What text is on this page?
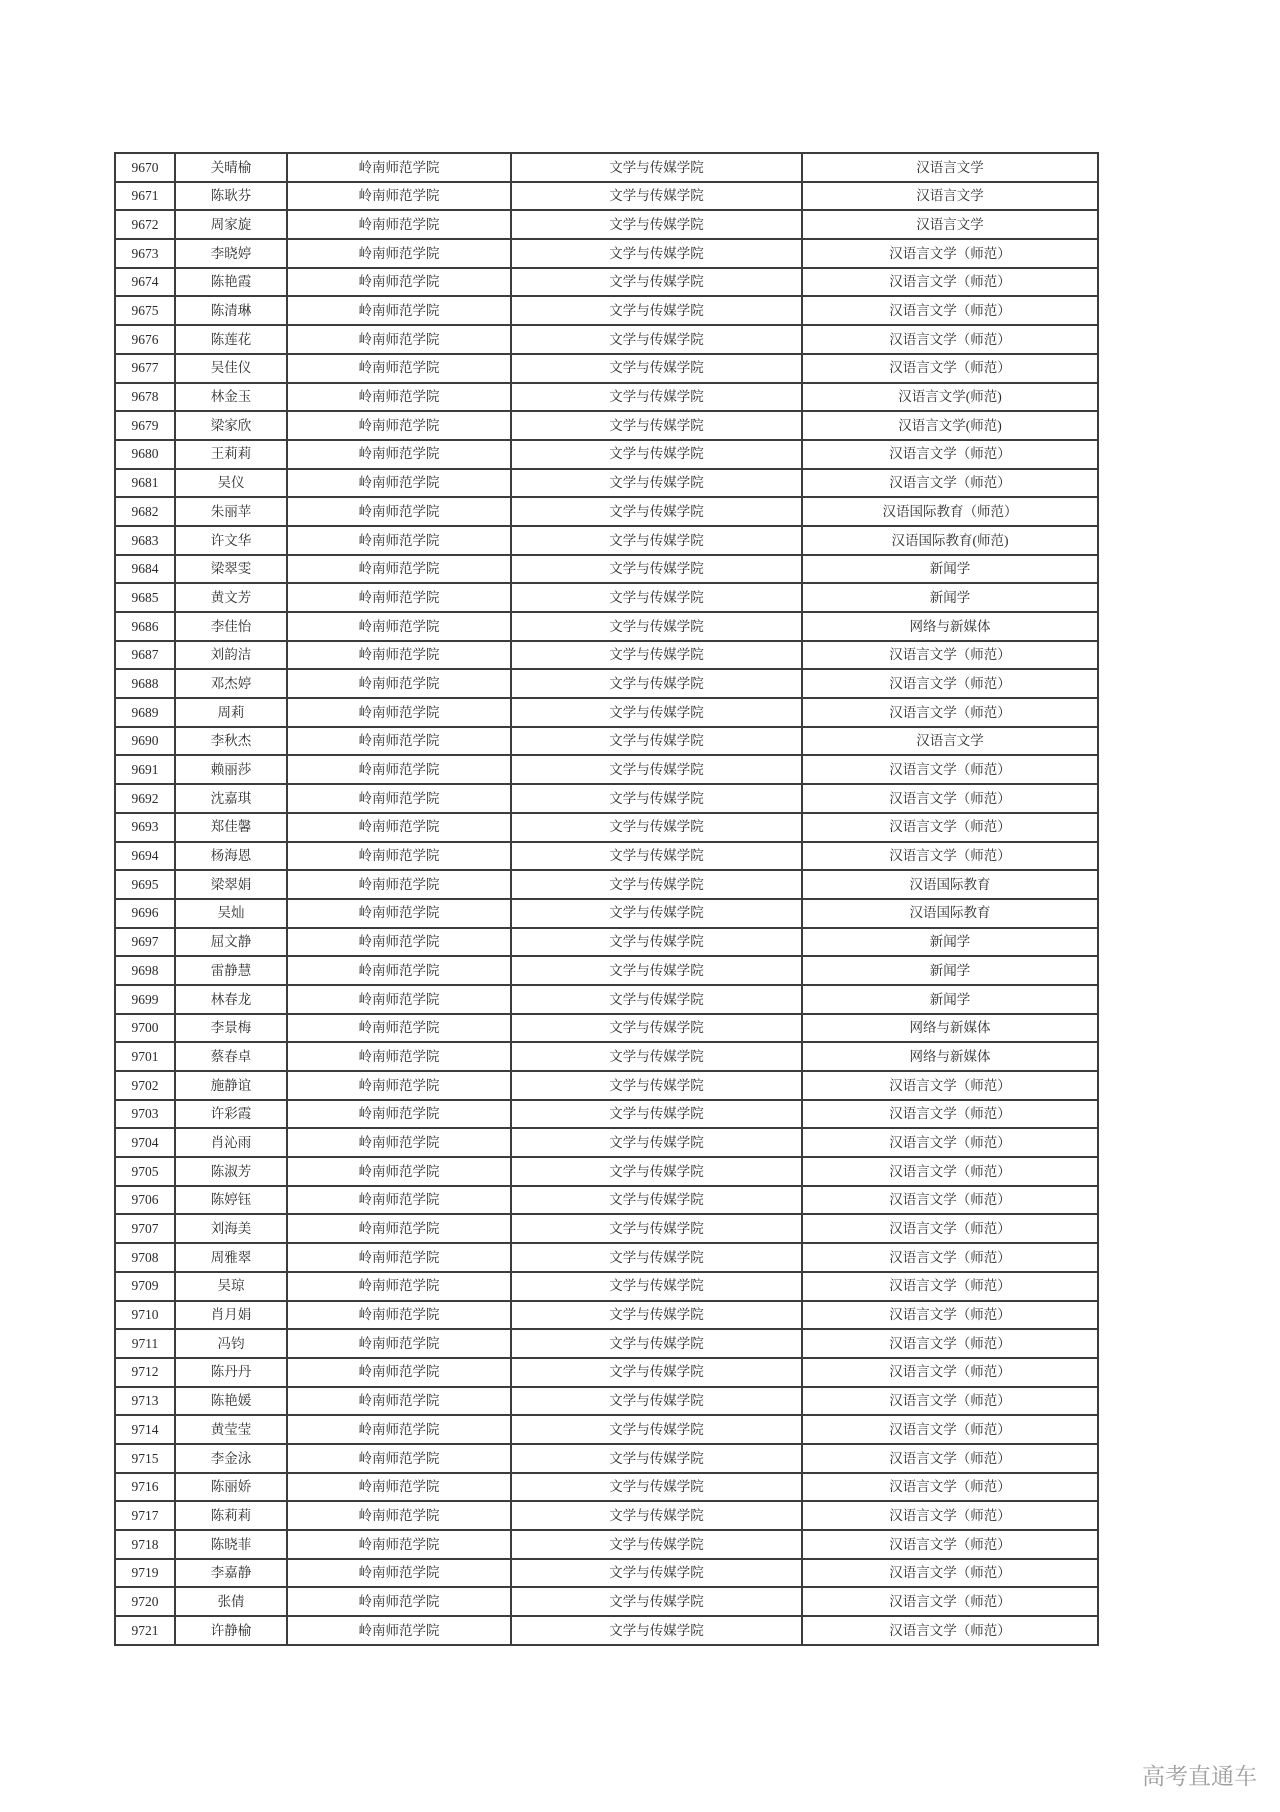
9670	关晴榆	岭南师范学院	文学与传媒学院	汉语言文学
9671	陈耿芬	岭南师范学院	文学与传媒学院	汉语言文学
9672	周家旋	岭南师范学院	文学与传媒学院	汉语言文学
9673	李晓婷	岭南师范学院	文学与传媒学院	汉语言文学（师范）
9674	陈艳霞	岭南师范学院	文学与传媒学院	汉语言文学（师范）
9675	陈清琳	岭南师范学院	文学与传媒学院	汉语言文学（师范）
9676	陈莲花	岭南师范学院	文学与传媒学院	汉语言文学（师范）
9677	吴佳仪	岭南师范学院	文学与传媒学院	汉语言文学（师范）
9678	林金玉	岭南师范学院	文学与传媒学院	汉语言文学(师范)
9679	梁家欣	岭南师范学院	文学与传媒学院	汉语言文学(师范)
9680	王莉莉	岭南师范学院	文学与传媒学院	汉语言文学（师范）
9681	吴仪	岭南师范学院	文学与传媒学院	汉语言文学（师范）
9682	朱丽苹	岭南师范学院	文学与传媒学院	汉语国际教育（师范）
9683	许文华	岭南师范学院	文学与传媒学院	汉语国际教育(师范)
9684	梁翠雯	岭南师范学院	文学与传媒学院	新闻学
9685	黄文芳	岭南师范学院	文学与传媒学院	新闻学
9686	李佳怡	岭南师范学院	文学与传媒学院	网络与新媒体
9687	刘韵洁	岭南师范学院	文学与传媒学院	汉语言文学（师范）
9688	邓杰婷	岭南师范学院	文学与传媒学院	汉语言文学（师范）
9689	周莉	岭南师范学院	文学与传媒学院	汉语言文学（师范）
9690	李秋杰	岭南师范学院	文学与传媒学院	汉语言文学
9691	赖丽莎	岭南师范学院	文学与传媒学院	汉语言文学（师范）
9692	沈嘉琪	岭南师范学院	文学与传媒学院	汉语言文学（师范）
9693	郑佳馨	岭南师范学院	文学与传媒学院	汉语言文学（师范）
9694	杨海恩	岭南师范学院	文学与传媒学院	汉语言文学（师范）
9695	梁翠娟	岭南师范学院	文学与传媒学院	汉语国际教育
9696	吴灿	岭南师范学院	文学与传媒学院	汉语国际教育
9697	屈文静	岭南师范学院	文学与传媒学院	新闻学
9698	雷静慧	岭南师范学院	文学与传媒学院	新闻学
9699	林春龙	岭南师范学院	文学与传媒学院	新闻学
9700	李景梅	岭南师范学院	文学与传媒学院	网络与新媒体
9701	蔡春卓	岭南师范学院	文学与传媒学院	网络与新媒体
9702	施静谊	岭南师范学院	文学与传媒学院	汉语言文学（师范）
9703	许彩霞	岭南师范学院	文学与传媒学院	汉语言文学（师范）
9704	肖沁雨	岭南师范学院	文学与传媒学院	汉语言文学（师范）
9705	陈淑芳	岭南师范学院	文学与传媒学院	汉语言文学（师范）
9706	陈婷钰	岭南师范学院	文学与传媒学院	汉语言文学（师范）
9707	刘海美	岭南师范学院	文学与传媒学院	汉语言文学（师范）
9708	周雅翠	岭南师范学院	文学与传媒学院	汉语言文学（师范）
9709	吴琼	岭南师范学院	文学与传媒学院	汉语言文学（师范）
9710	肖月娟	岭南师范学院	文学与传媒学院	汉语言文学（师范）
9711	冯钧	岭南师范学院	文学与传媒学院	汉语言文学（师范）
9712	陈丹丹	岭南师范学院	文学与传媒学院	汉语言文学（师范）
9713	陈艳媛	岭南师范学院	文学与传媒学院	汉语言文学（师范）
9714	黄莹莹	岭南师范学院	文学与传媒学院	汉语言文学（师范）
9715	李金泳	岭南师范学院	文学与传媒学院	汉语言文学（师范）
9716	陈丽娇	岭南师范学院	文学与传媒学院	汉语言文学（师范）
9717	陈莉莉	岭南师范学院	文学与传媒学院	汉语言文学（师范）
9718	陈晓菲	岭南师范学院	文学与传媒学院	汉语言文学（师范）
9719	李嘉静	岭南师范学院	文学与传媒学院	汉语言文学（师范）
9720	张倩	岭南师范学院	文学与传媒学院	汉语言文学（师范）
9721	许静榆	岭南师范学院	文学与传媒学院	汉语言文学（师范）
高考直通车
